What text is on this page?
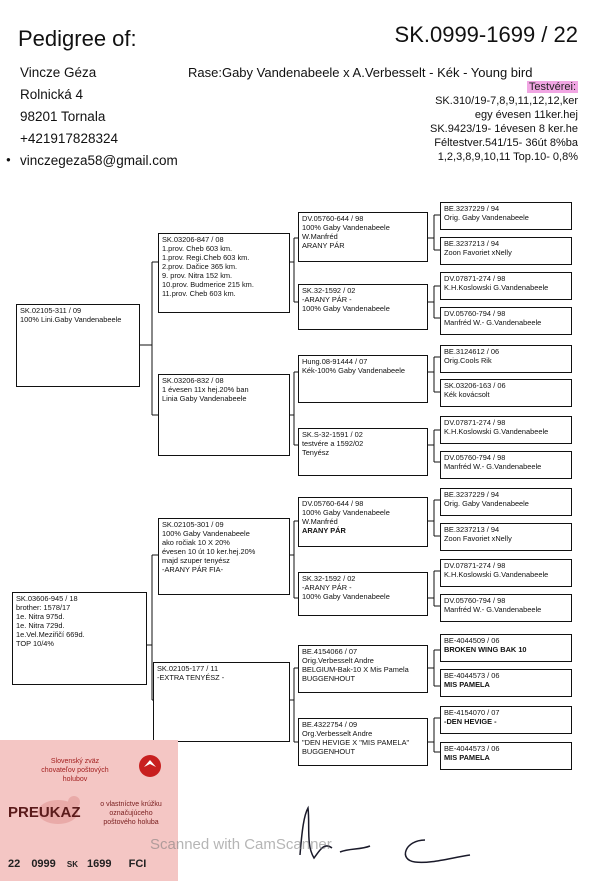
Pedigree of:	SK.0999-1699 / 22
Vincze Géza
Rolnická 4
98201 Tornala
+421917828324
vinczegeza58@gmail.com
●
Rase:Gaby Vandenabeele x A.Verbesselt - Kék - Young bird
Testvérei:
SK.310/19-7,8,9,11,12,12,ker
egy évesen 11ker.hej
SK.9423/19- 1évesen 8 ker.he
Féltestver.541/15- 36út 8%ba
1,2,3,8,9,10,11 Top.10- 0,8%
SK.02105-311 / 09
100% Lini.Gaby Vandenabeele
SK.03606-945 / 18
brother: 1578/17
1e. Nitra 975d.
1e. Nitra 729d.
1e.Vel.Meziřičí 669d.
TOP 10/4%
SK.03206-847 / 08
1.prov. Cheb 603 km.
1.prov. Regi.Cheb 603 km.
2.prov. Dačice 365 km.
9. prov. Nitra 152 km.
10.prov. Budmerice 215 km.
11.prov. Cheb 603 km.
SK.03206-832 / 08
1 évesen 11x hej.20% ban
Linia Gaby Vandenabeele
SK.02105-301 / 09
100% Gaby Vandenabeele
ako ročiak 10 X 20%
évesen 10 út 10 ker.hej.20%
majd szuper tenyész
-ARANY PÁR FIA-
SK.02105-177 / 11
-EXTRA TENYÉSZ -
DV.05760-644 / 98
100% Gaby Vandenabeele
W.Manfréd
ARANY PÁR
SK.32-1592 / 02
-ARANY PÁR -
100% Gaby Vandenabeele
Hung.08-91444 / 07
Kék-100% Gaby Vandenabeele
SK.S-32-1591 / 02
testvére a 1592/02
Tenyész
DV.05760-644 / 98
100% Gaby Vandenabeele
W.Manfréd
ARANY PÁR
SK.32-1592 / 02
-ARANY PÁR -
100% Gaby Vandenabeele
BE.4154066 / 07
Orig.Verbesselt Andre
BELGIUM-Bak-10 X Mis Pamela
BUGGENHOUT
BE.4322754 / 09
Org.Verbesselt Andre
"DEN HEVIGE X "MIS PAMELA"
BUGGENHOUT
BE.3237229 / 94
Orig. Gaby Vandenabeele
BE.3237213 / 94
Zoon Favoriet xNelly
DV.07871-274 / 98
K.H.Koslowski G.Vandenabeele
DV.05760-794 / 98
Manfréd W.- G.Vandenabeele
BE.3124612 / 06
Orig.Cools Rik
SK.03206-163 / 06
Kék kovácsolt
DV.07871-274 / 98
K.H.Koslowski G.Vandenabeele
DV.05760-794 / 98
Manfréd W.- G.Vandenabeele
BE.3237229 / 94
Orig. Gaby Vandenabeele
BE.3237213 / 94
Zoon Favoriet xNelly
DV.07871-274 / 98
K.H.Koslowski G.Vandenabeele
DV.05760-794 / 98
Manfréd W.- G.Vandenabeele
BE-4044509 / 06
BROKEN WING BAK 10
BE-4044573 / 06
MIS PAMELA
BE-4154070 / 07
-DEN HEVIGE -
BE-4044573 / 06
MIS PAMELA
Slovenský zväz
chovateľov poštových holubov
PREUKAZ	o vlastníctve krúžku
označujúceho
poštového holuba
22 0999 SK 1699 FCI
Scanned with CamScanner
